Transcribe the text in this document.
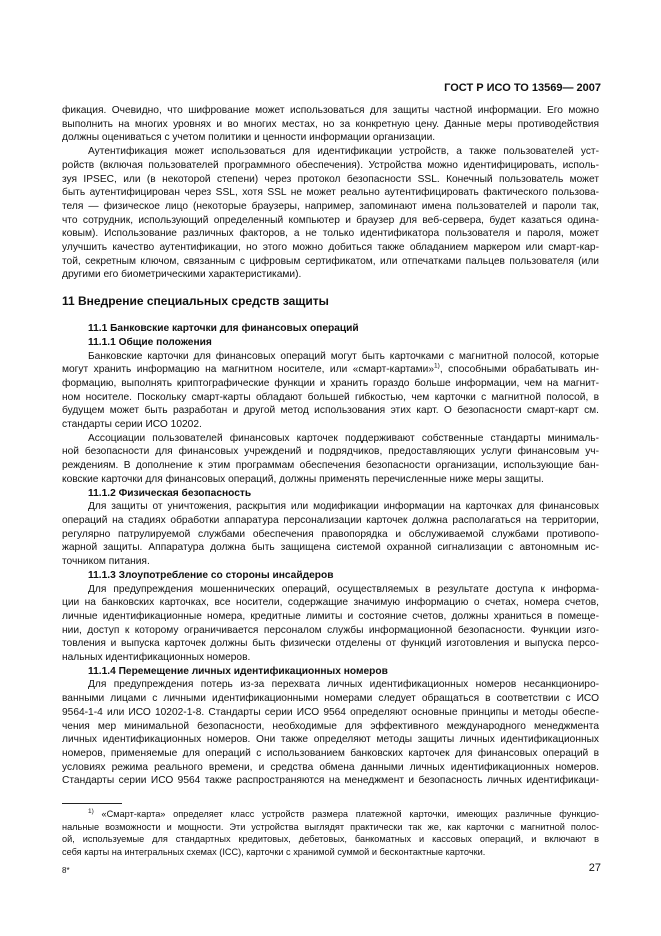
ГОСТ Р ИСО ТО 13569— 2007
фикация. Очевидно, что шифрование может использоваться для защиты частной информации. Его можно
выполнить на многих уровнях и во многих местах, но за конкретную цену. Данные меры противодействия
должны оцениваться с учетом политики и ценности информации организации.
Аутентификация может использоваться для идентификации устройств, а также пользователей уст-
ройств (включая пользователей программного обеспечения). Устройства можно идентифицировать, исполь-
зуя IPSEC, или (в некоторой степени) через протокол безопасности SSL. Конечный пользователь может
быть аутентифицирован через SSL, хотя SSL не может реально аутентифицировать фактического пользова-
теля — физическое лицо (некоторые браузеры, например, запоминают имена пользователей и пароли так,
что сотрудник, использующий определенный компьютер и браузер для веб-сервера, будет казаться одина-
ковым). Использование различных факторов, а не только идентификатора пользователя и пароля, может
улучшить качество аутентификации, но этого можно добиться также обладанием маркером или смарт-кар-
той, секретным ключом, связанным с цифровым сертификатом, или отпечатками пальцев пользователя (или
другими его биометрическими характеристиками).
11 Внедрение специальных средств защиты
11.1 Банковские карточки для финансовых операций
11.1.1 Общие положения
Банковские карточки для финансовых операций могут быть карточками с магнитной полосой, которые
могут хранить информацию на магнитном носителе, или «смарт-картами»$^{1)}$, способными обрабатывать ин-
формацию, выполнять криптографические функции и хранить гораздо больше информации, чем на магнит-
ном носителе. Поскольку смарт-карты обладают большей гибкостью, чем карточки с магнитной полосой, в
будущем может быть разработан и другой метод использования этих карт. О безопасности смарт-карт см.
стандарты серии ИСО 10202.
Ассоциации пользователей финансовых карточек поддерживают собственные стандарты минималь-
ной безопасности для финансовых учреждений и подрядчиков, предоставляющих услуги финансовым уч-
реждениям. В дополнение к этим программам обеспечения безопасности организации, использующие бан-
ковские карточки для финансовых операций, должны применять перечисленные ниже меры защиты.
11.1.2 Физическая безопасность
Для защиты от уничтожения, раскрытия или модификации информации на карточках для финансовых
операций на стадиях обработки аппаратура персонализации карточек должна располагаться на территории,
регулярно патрулируемой службами обеспечения правопорядка и обслуживаемой службами противопо-
жарной защиты. Аппаратура должна быть защищена системой охранной сигнализации с автономным ис-
точником питания.
11.1.3 Злоупотребление со стороны инсайдеров
Для предупреждения мошеннических операций, осуществляемых в результате доступа к информа-
ции на банковских карточках, все носители, содержащие значимую информацию о счетах, номера счетов,
личные идентификационные номера, кредитные лимиты и состояние счетов, должны храниться в помеще-
нии, доступ к которому ограничивается персоналом службы информационной безопасности. Функции изго-
товления и выпуска карточек должны быть физически отделены от функций изготовления и выпуска персо-
нальных идентификационных номеров.
11.1.4 Перемещение личных идентификационных номеров
Для предупреждения потерь из-за перехвата личных идентификационных номеров несанкциониро-
ванными лицами с личными идентификационными номерами следует обращаться в соответствии с ИСО
9564-1-4 или ИСО 10202-1-8. Стандарты серии ИСО 9564 определяют основные принципы и методы обеспе-
чения мер минимальной безопасности, необходимые для эффективного международного менеджмента
личных идентификационных номеров. Они также определяют методы защиты личных идентификационных
номеров, применяемые для операций с использованием банковских карточек для финансовых операций в
условиях режима реального времени, и средства обмена данными личных идентификационных номеров.
Стандарты серии ИСО 9564 также распространяются на менеджмент и безопасность личных идентификаци-
$^{1)}$ «Смарт-карта» определяет класс устройств размера платежной карточки, имеющих различные функцио-
нальные возможности и мощности. Эти устройства выглядят практически так же, как карточки с магнитной полос-
ой, используемые для стандартных кредитовых, дебетовых, банкоматных и кассовых операций, и включают в
себя карты на интегральных схемах (ICC), карточки с хранимой суммой и бесконтактные карточки.
8*	27
